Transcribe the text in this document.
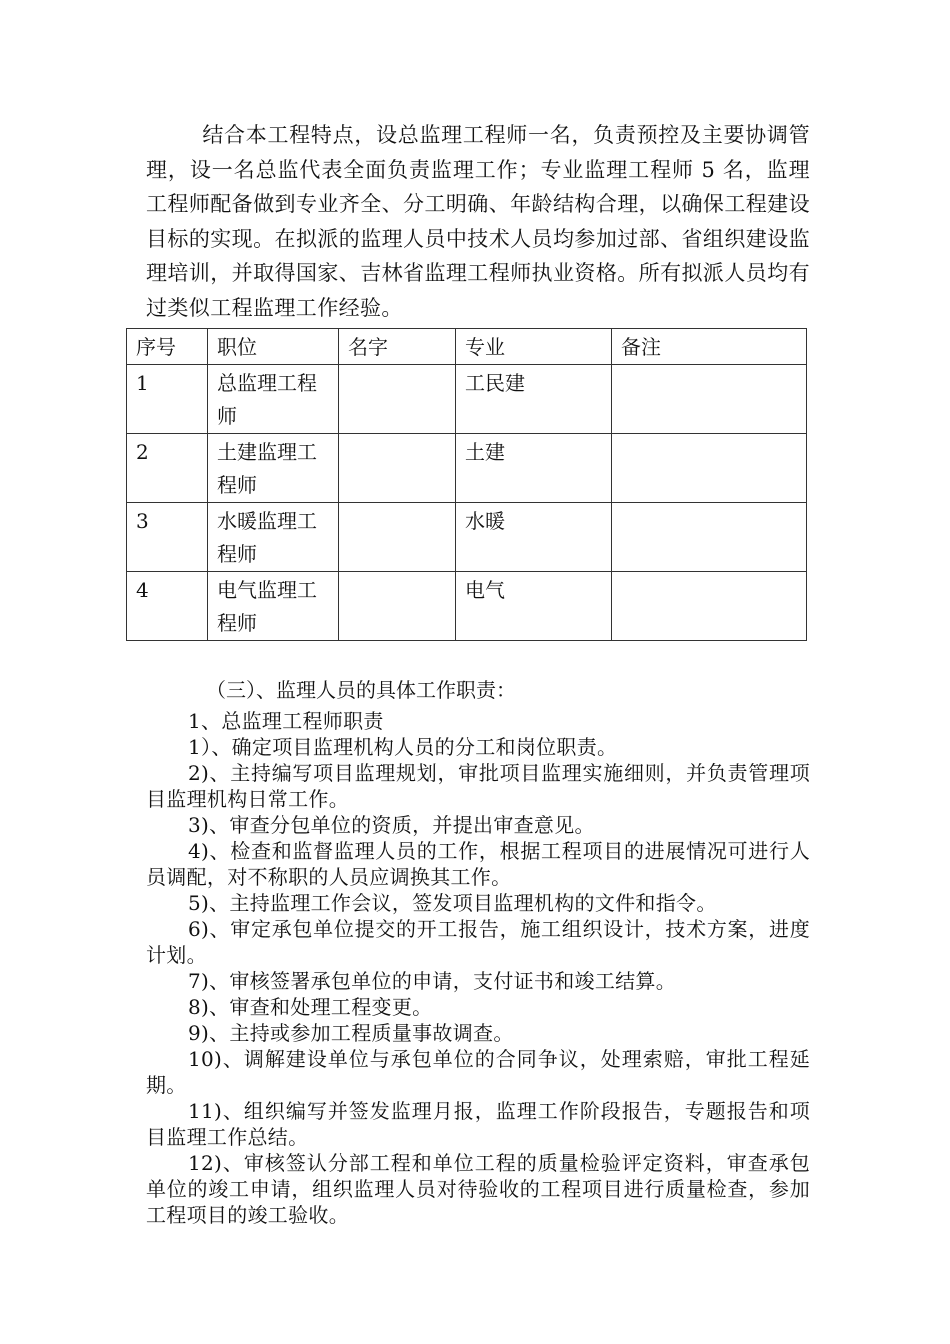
结合本工程特点，设总监理工程师一名，负责预控及主要协调管理，设一名总监代表全面负责监理工作；专业监理工程师 5 名，监理工程师配备做到专业齐全、分工明确、年龄结构合理，以确保工程建设目标的实现。在拟派的监理人员中技术人员均参加过部、省组织建设监理培训，并取得国家、吉林省监理工程师执业资格。所有拟派人员均有过类似工程监理工作经验。

序号	职位	名字	专业	备注
1	总监理工程师		工民建	
2	土建监理工程师		土建	
3	水暖监理工程师		水暖	
4	电气监理工程师		电气	

（三）、监理人员的具体工作职责：

1、总监理工程师职责

1）、确定项目监理机构人员的分工和岗位职责。

2)、主持编写项目监理规划，审批项目监理实施细则，并负责管理项目监理机构日常工作。

3)、审查分包单位的资质，并提出审查意见。

4)、检查和监督监理人员的工作，根据工程项目的进展情况可进行人员调配，对不称职的人员应调换其工作。

5)、主持监理工作会议，签发项目监理机构的文件和指令。

6)、审定承包单位提交的开工报告，施工组织设计，技术方案，进度计划。

7)、审核签署承包单位的申请，支付证书和竣工结算。

8)、审查和处理工程变更。

9)、主持或参加工程质量事故调查。

10)、调解建设单位与承包单位的合同争议，处理索赔，审批工程延期。

11)、组织编写并签发监理月报，监理工作阶段报告，专题报告和项目监理工作总结。

12)、审核签认分部工程和单位工程的质量检验评定资料，审查承包单位的竣工申请，组织监理人员对待验收的工程项目进行质量检查，参加工程项目的竣工验收。
